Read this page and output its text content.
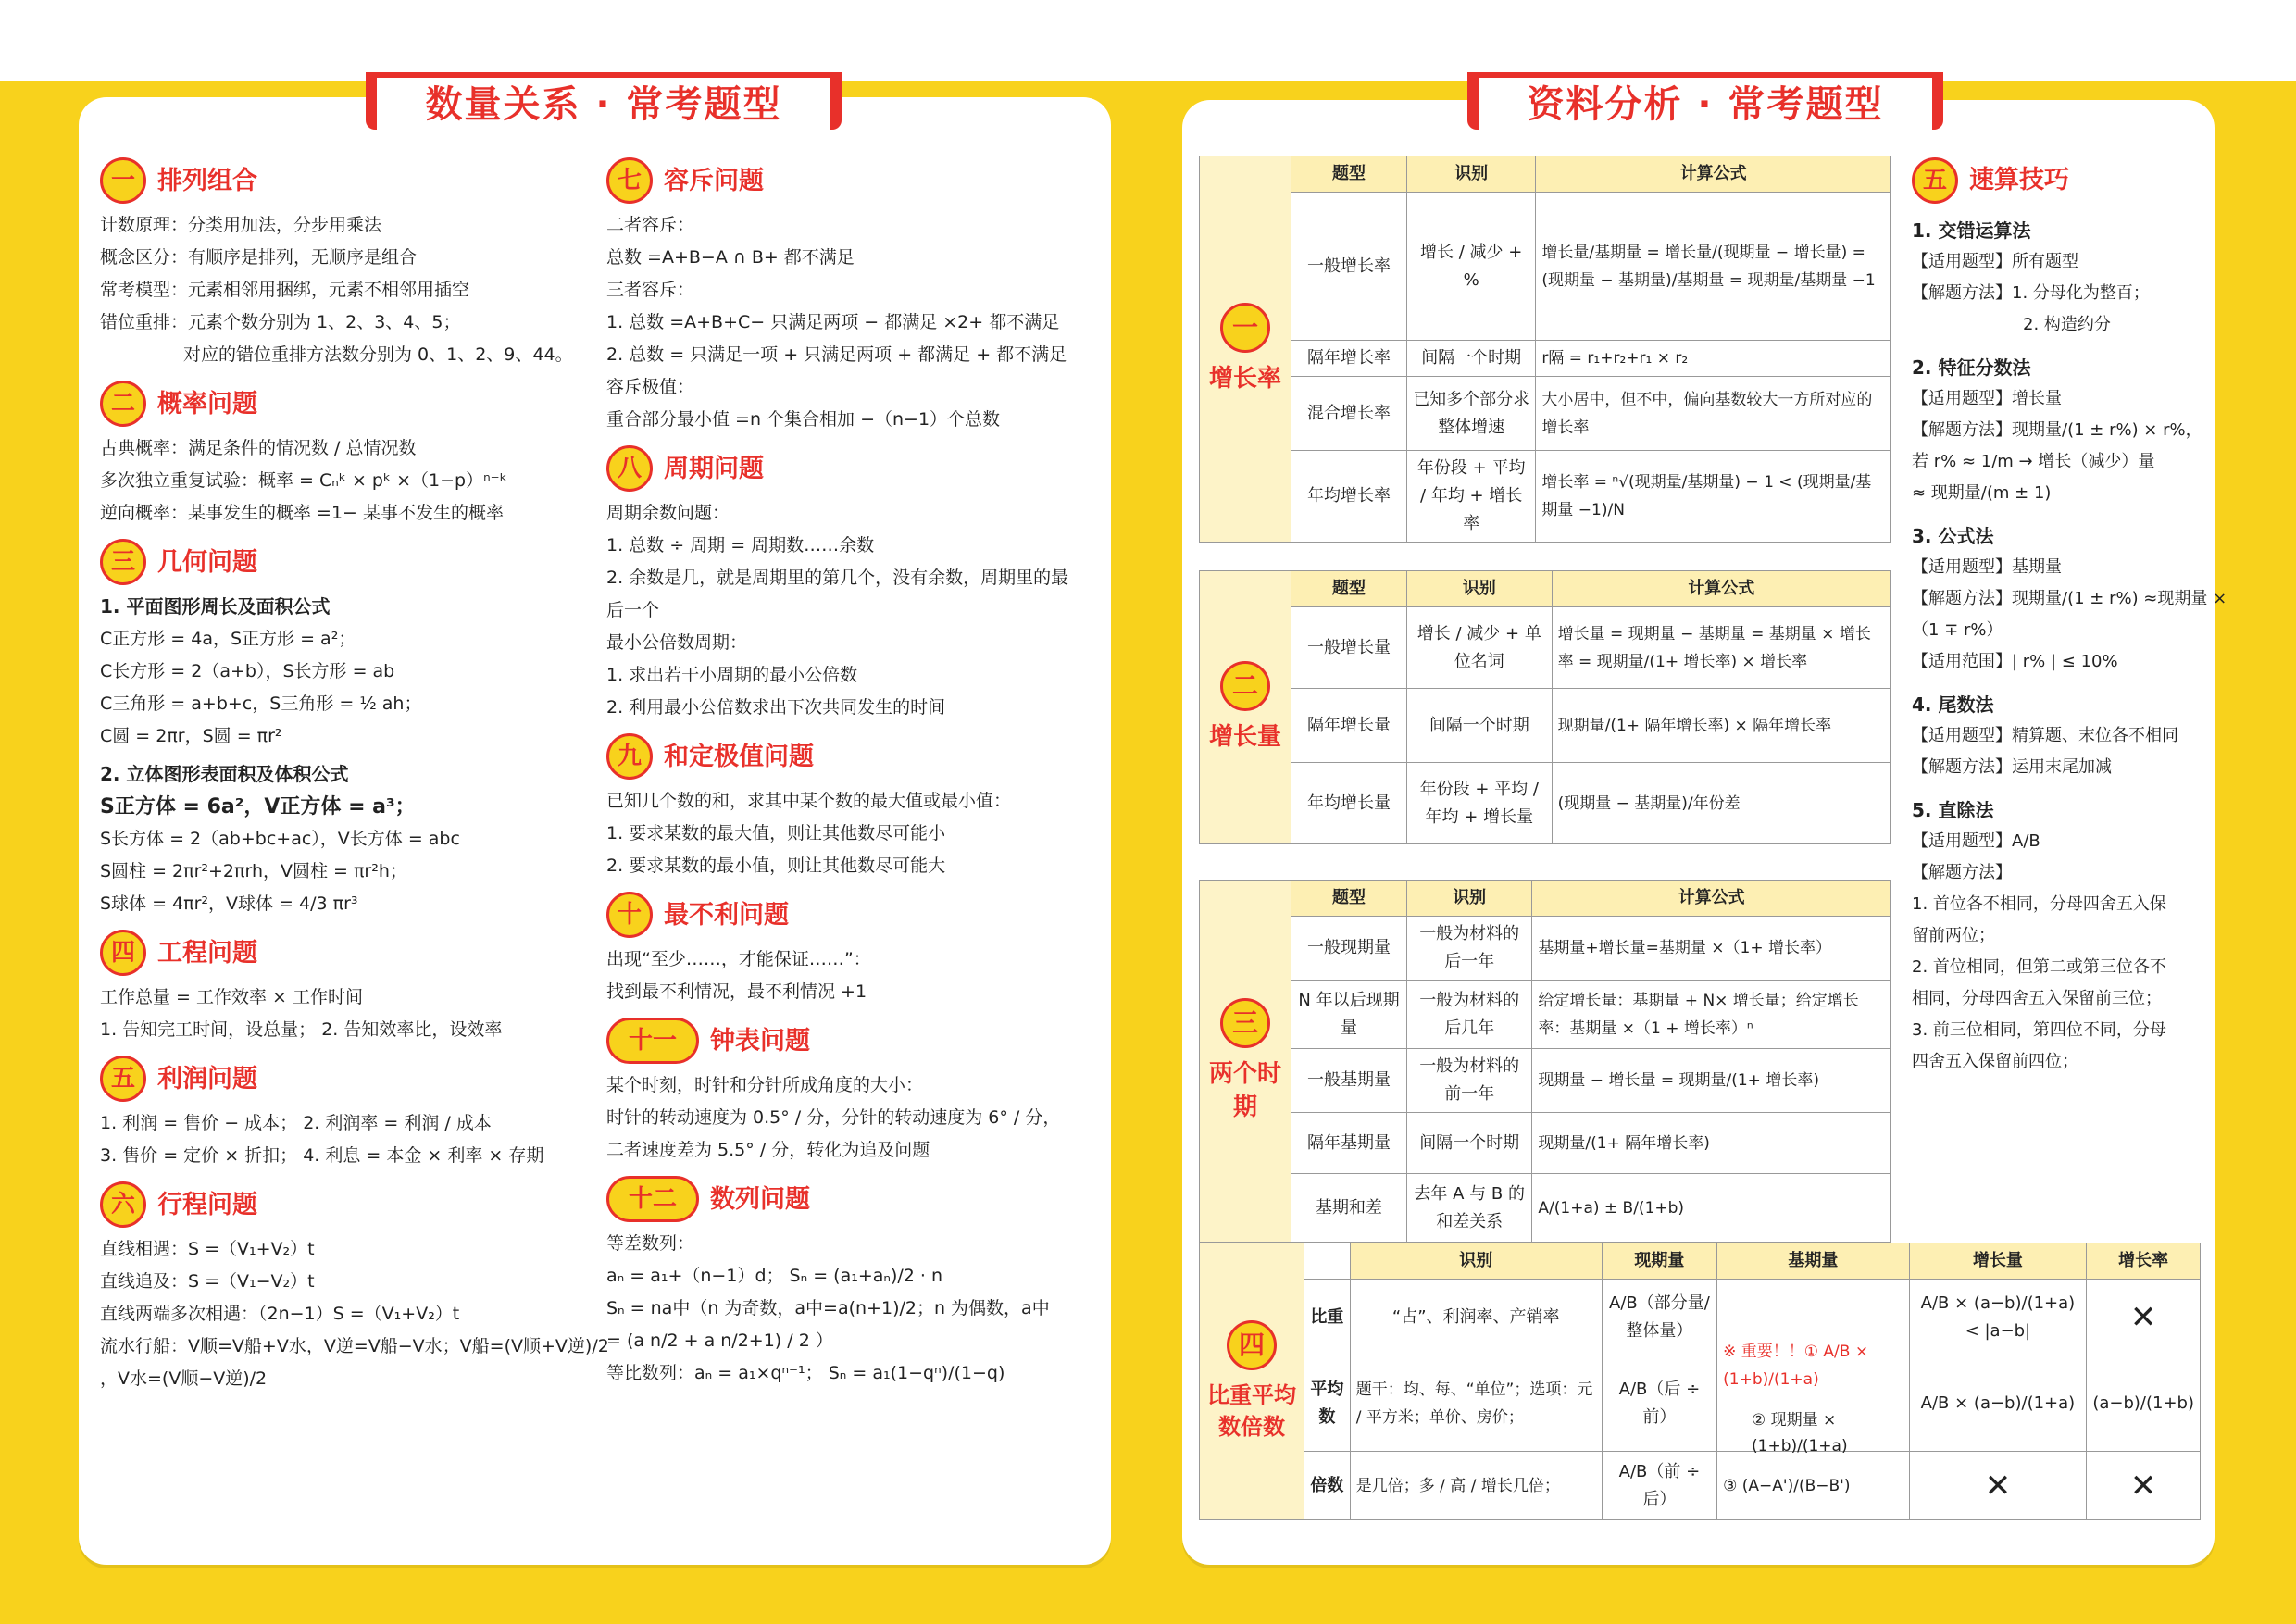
数量关系 · 常考题型
一 排列组合
计数原理：分类用加法，分步用乘法
概念区分：有顺序是排列，无顺序是组合
常考模型：元素相邻用捆绑，元素不相邻用插空
错位重排：元素个数分别为 1、2、3、4、5；
对应的错位重排方法数分别为 0、1、2、9、44。
二 概率问题
古典概率：满足条件的情况数 / 总情况数
多次独立重复试验：概率 = Cₙᵏ × pᵏ ×（1−p）ⁿ⁻ᵏ
逆向概率：某事发生的概率 =1− 某事不发生的概率
三 几何问题
1. 平面图形周长及面积公式
C正方形 = 4a，S正方形 = a²；
C长方形 = 2（a+b），S长方形 = ab
C三角形 = a+b+c，S三角形 = ½ ah；
C圆 = 2πr，S圆 = πr²
2. 立体图形表面积及体积公式
S正方体 = 6a²，V正方体 = a³；
S长方体 = 2（ab+bc+ac），V长方体 = abc
S圆柱 = 2πr²+2πrh，V圆柱 = πr²h；
S球体 = 4πr²，V球体 = 4/3 πr³
四 工程问题
工作总量 = 工作效率 × 工作时间
1. 告知完工时间，设总量； 2. 告知效率比，设效率
五 利润问题
1. 利润 = 售价 − 成本； 2. 利润率 = 利润 / 成本
3. 售价 = 定价 × 折扣； 4. 利息 = 本金 × 利率 × 存期
六 行程问题
直线相遇：S =（V₁+V₂）t
直线追及：S =（V₁−V₂）t
直线两端多次相遇：（2n−1）S =（V₁+V₂）t
流水行船：V顺=V船+V水，V逆=V船−V水；V船=(V顺+V逆)/2
，V水=(V顺−V逆)/2
七 容斥问题
二者容斥：
总数 =A+B−A ∩ B+ 都不满足
三者容斥：
1. 总数 =A+B+C− 只满足两项 − 都满足 ×2+ 都不满足
2. 总数 = 只满足一项 + 只满足两项 + 都满足 + 都不满足
容斥极值：
重合部分最小值 =n 个集合相加 −（n−1）个总数
八 周期问题
周期余数问题：
1. 总数 ÷ 周期 = 周期数……余数
2. 余数是几，就是周期里的第几个，没有余数，周期里的最
后一个
最小公倍数周期：
1. 求出若干小周期的最小公倍数
2. 利用最小公倍数求出下次共同发生的时间
九 和定极值问题
已知几个数的和，求其中某个数的最大值或最小值：
1. 要求某数的最大值，则让其他数尽可能小
2. 要求某数的最小值，则让其他数尽可能大
十 最不利问题
出现“至少……，才能保证……”：
找到最不利情况，最不利情况 +1
十一	钟表问题
某个时刻，时针和分针所成角度的大小：
时针的转动速度为 0.5° / 分，分针的转动速度为 6° / 分，
二者速度差为 5.5° / 分，转化为追及问题
十二	数列问题
等差数列：
aₙ = a₁+（n−1）d； Sₙ = (a₁+aₙ)/2 · n
Sₙ = na中（n 为奇数，a中=a(n+1)/2；n 为偶数，a中
= (a n/2 + a n/2+1) / 2 ）
等比数列：aₙ = a₁×qⁿ⁻¹； Sₙ = a₁(1−qⁿ)/(1−q)
资料分析 · 常考题型
一
增长率	题型	识别	计算公式
	一般增长率	增长 / 减少 + %	增长量/基期量 = 增长量/(现期量 − 增长量) = (现期量 − 基期量)/基期量 = 现期量/基期量 −1
	隔年增长率	间隔一个时期	r隔 = r₁+r₂+r₁ × r₂
	混合增长率	已知多个部分求整体增速	大小居中，但不中，偏向基数较大一方所对应的增长率
	年均增长率	年份段 + 平均 / 年均 + 增长率	增长率 = ⁿ√(现期量/基期量) − 1 < (现期量/基期量 −1)/N
二
增长量	题型	识别	计算公式
	一般增长量	增长 / 减少 + 单位名词	增长量 = 现期量 − 基期量 = 基期量 × 增长率 = 现期量/(1+ 增长率) × 增长率
	隔年增长量	间隔一个时期	现期量/(1+ 隔年增长率) × 隔年增长率
	年均增长量	年份段 + 平均 / 年均 + 增长量	(现期量 − 基期量)/年份差
三
两个时期	题型	识别	计算公式
	一般现期量	一般为材料的后一年	基期量+增长量=基期量 ×（1+ 增长率）
	N 年以后现期量	一般为材料的后几年	给定增长量：基期量 + N× 增长量；给定增长率：基期量 ×（1 + 增长率）ⁿ
	一般基期量	一般为材料的前一年	现期量 − 增长量 = 现期量/(1+ 增长率)
	隔年基期量	间隔一个时期	现期量/(1+ 隔年增长率)
	基期和差	去年 A 与 B 的和差关系	A/(1+a) ± B/(1+b)
四
比重平均数倍数		识别	现期量	基期量	增长量	增长率
	比重	“占”、利润率、产销率	A/B（部分量/整体量）	※ 重要！！① A/B × (1+b)/(1+a)	A/B × (a−b)/(1+a) < |a−b|	✕
	平均数	题干：均、每、“单位”；选项：元 / 平方米；单价、房价；	A/B（后 ÷ 前）		A/B × (a−b)/(1+a)	(a−b)/(1+b)
	倍数	是几倍；多 / 高 / 增长几倍；	A/B（前 ÷ 后）	③ (A−A')/(B−B')	✕	✕
② 现期量 × (1+b)/(1+a)
五 速算技巧
1. 交错运算法
【适用题型】所有题型
【解题方法】1. 分母化为整百；
2. 构造约分
2. 特征分数法
【适用题型】增长量
【解题方法】现期量/(1 ± r%) × r%，
若 r% ≈ 1/m → 增长（减少）量
≈ 现期量/(m ± 1)
3. 公式法
【适用题型】基期量
【解题方法】现期量/(1 ± r%) ≈现期量 ×
（1 ∓ r%）
【适用范围】| r% | ≤ 10%
4. 尾数法
【适用题型】精算题、末位各不相同
【解题方法】运用末尾加减
5. 直除法
【适用题型】A/B
【解题方法】
1. 首位各不相同，分母四舍五入保
留前两位；
2. 首位相同，但第二或第三位各不
相同，分母四舍五入保留前三位；
3. 前三位相同，第四位不同，分母
四舍五入保留前四位；
